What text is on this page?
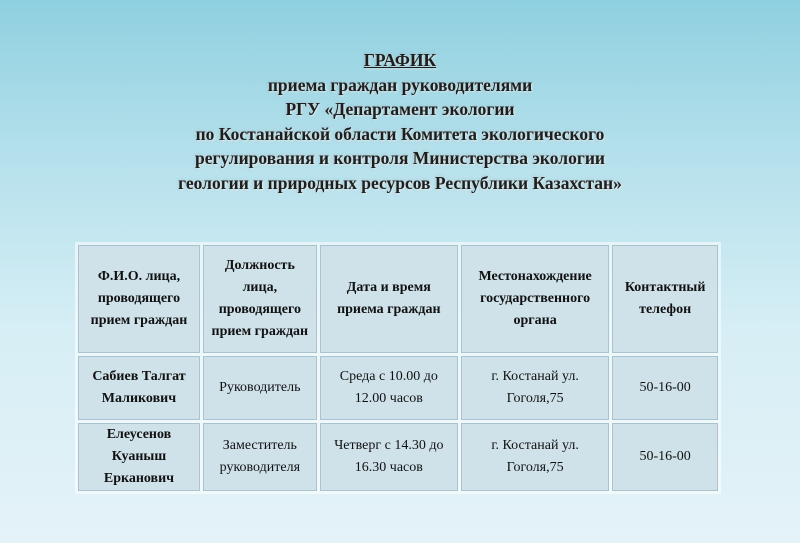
ГРАФИК
приема граждан руководителями
РГУ «Департамент экологии
по Костанайской области Комитета экологического
регулирования и контроля Министерства экологии
геологии и природных ресурсов Республики Казахстан»
Ф.И.О. лица, проводящего прием граждан	Должность лица, проводящего прием граждан	Дата и время приема граждан	Местонахождение государственного органа	Контактный телефон
Сабиев Талгат Маликович	Руководитель	Среда с 10.00 до 12.00 часов	г. Костанай ул. Гоголя,75	50-16-00
Елеусенов Куаныш Ерканович	Заместитель руководителя	Четверг с 14.30 до 16.30 часов	г. Костанай ул. Гоголя,75	50-16-00
